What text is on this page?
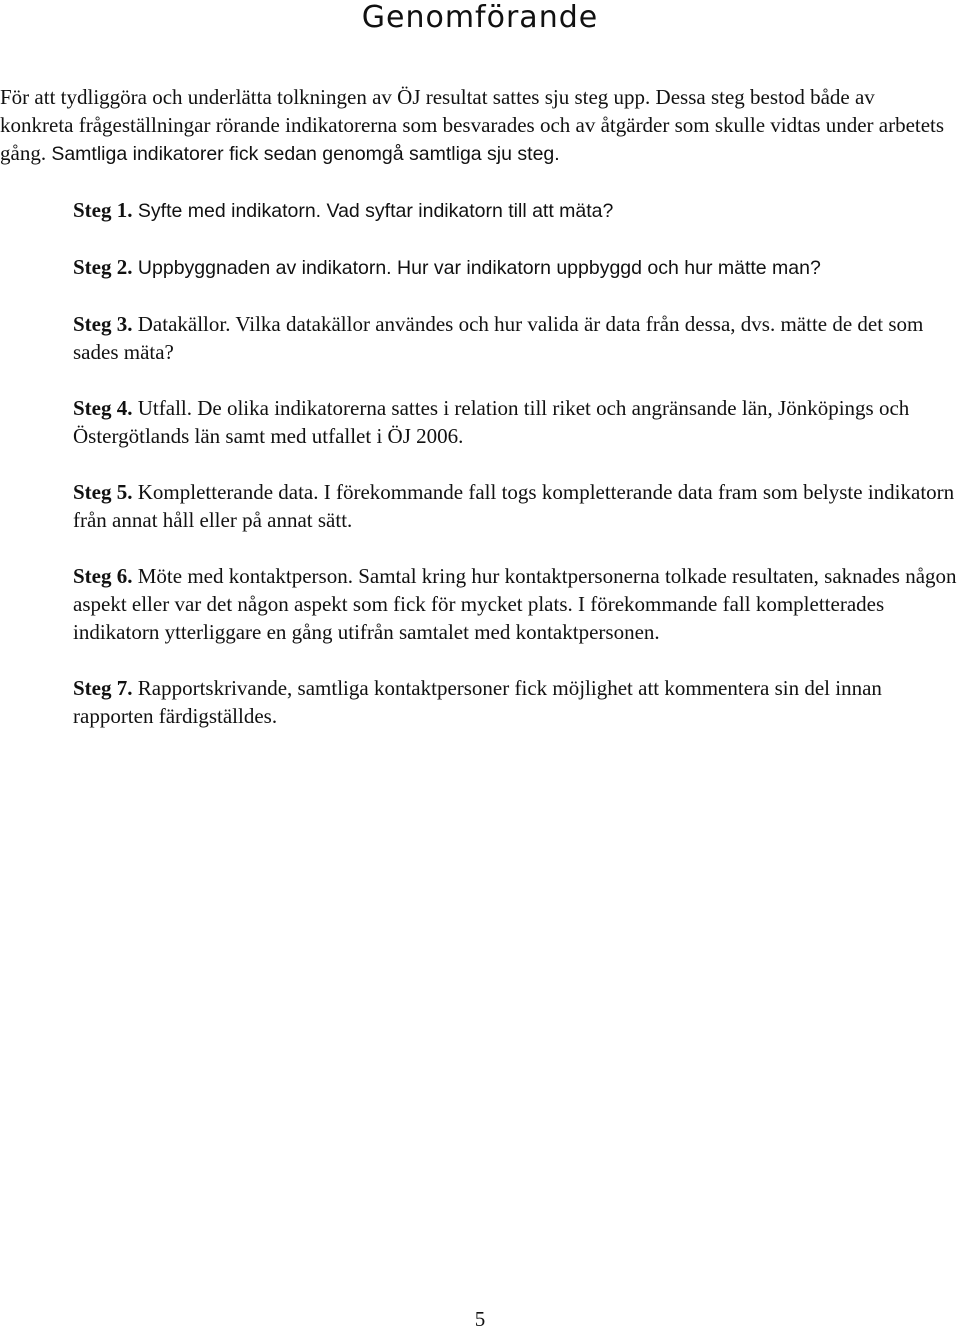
Genomförande

För att tydliggöra och underlätta tolkningen av ÖJ resultat sattes sju steg upp. Dessa steg bestod både av konkreta frågeställningar rörande indikatorerna som besvarades och av åtgärder som skulle vidtas under arbetets gång. Samtliga indikatorer fick sedan genomgå samtliga sju steg.

Steg 1. Syfte med indikatorn. Vad syftar indikatorn till att mäta?
Steg 2. Uppbyggnaden av indikatorn. Hur var indikatorn uppbyggd och hur mätte man?
Steg 3. Datakällor. Vilka datakällor användes och hur valida är data från dessa, dvs. mätte de det som sades mäta?
Steg 4. Utfall. De olika indikatorerna sattes i relation till riket och angränsande län, Jönköpings och Östergötlands län samt med utfallet i ÖJ 2006.
Steg 5. Kompletterande data. I förekommande fall togs kompletterande data fram som belyste indikatorn från annat håll eller på annat sätt.
Steg 6. Möte med kontaktperson. Samtal kring hur kontaktpersonerna tolkade resultaten, saknades någon aspekt eller var det någon aspekt som fick för mycket plats. I förekommande fall kompletterades indikatorn ytterliggare en gång utifrån samtalet med kontaktpersonen.
Steg 7. Rapportskrivande, samtliga kontaktpersoner fick möjlighet att kommentera sin del innan rapporten färdigställdes.

5
